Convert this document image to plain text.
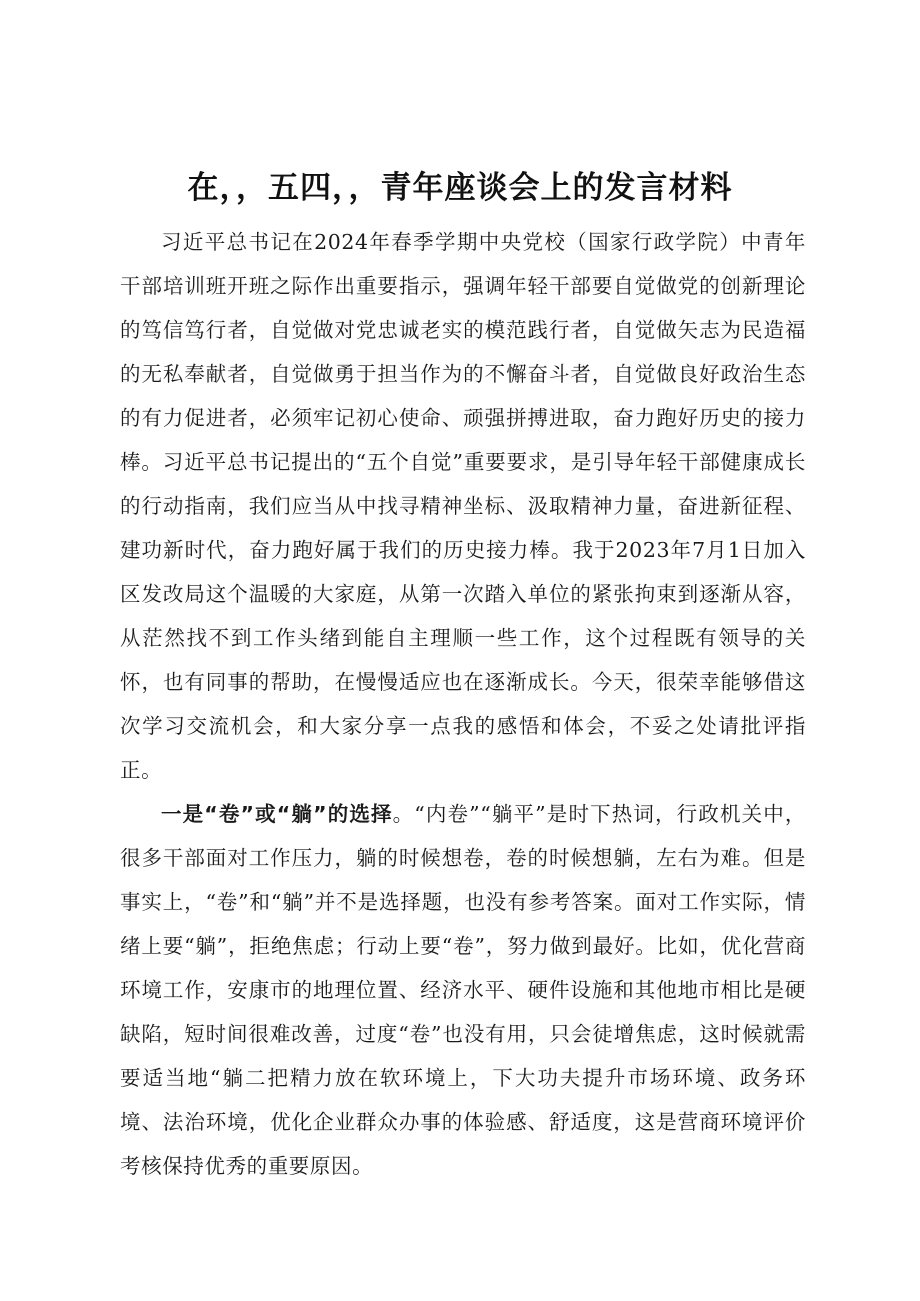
在，，五四，，青年座谈会上的发言材料

习近平总书记在2024年春季学期中央党校（国家行政学院）中青年干部培训班开班之际作出重要指示，强调年轻干部要自觉做党的创新理论的笃信笃行者，自觉做对党忠诚老实的模范践行者，自觉做矢志为民造福的无私奉献者，自觉做勇于担当作为的不懈奋斗者，自觉做良好政治生态的有力促进者，必须牢记初心使命、顽强拼搏进取，奋力跑好历史的接力棒。习近平总书记提出的“五个自觉”重要要求，是引导年轻干部健康成长的行动指南，我们应当从中找寻精神坐标、汲取精神力量，奋进新征程、建功新时代，奋力跑好属于我们的历史接力棒。我于2023年7月1日加入区发改局这个温暖的大家庭，从第一次踏入单位的紧张拘束到逐渐从容，从茫然找不到工作头绪到能自主理顺一些工作，这个过程既有领导的关怀，也有同事的帮助，在慢慢适应也在逐渐成长。今天，很荣幸能够借这次学习交流机会，和大家分享一点我的感悟和体会，不妥之处请批评指正。

一是“卷”或“躺”的选择。“内卷”“躺平”是时下热词，行政机关中，很多干部面对工作压力，躺的时候想卷，卷的时候想躺，左右为难。但是事实上，“卷”和“躺”并不是选择题，也没有参考答案。面对工作实际，情绪上要“躺”，拒绝焦虑；行动上要“卷”，努力做到最好。比如，优化营商环境工作，安康市的地理位置、经济水平、硬件设施和其他地市相比是硬缺陷，短时间很难改善，过度“卷”也没有用，只会徒增焦虑，这时候就需要适当地“躺二把精力放在软环境上，下大功夫提升市场环境、政务环境、法治环境，优化企业群众办事的体验感、舒适度，这是营商环境评价考核保持优秀的重要原因。
